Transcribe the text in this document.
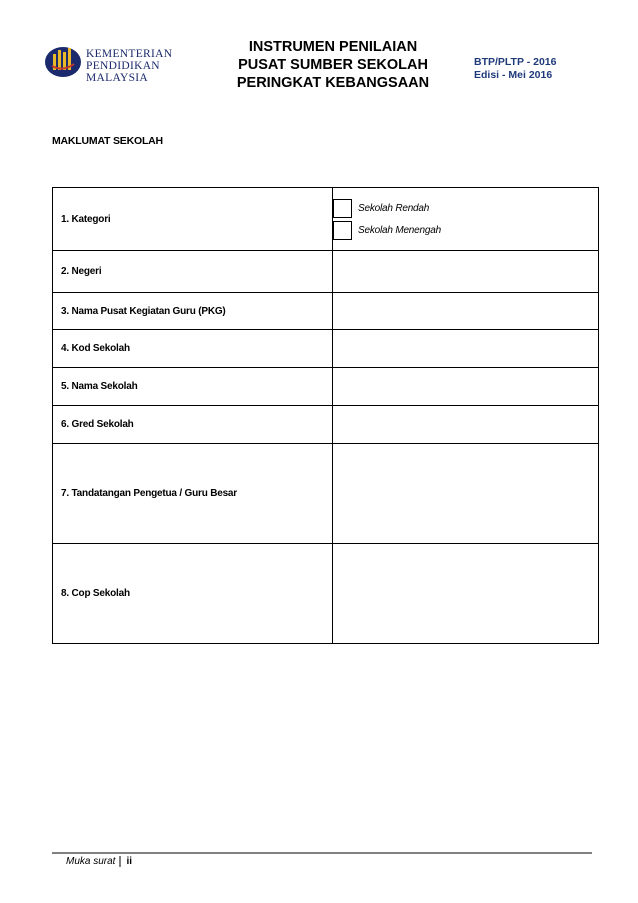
KEMENTERIAN
PENDIDIKAN
MALAYSIA
INSTRUMEN PENILAIAN
PUSAT SUMBER SEKOLAH
PERINGKAT KEBANGSAAN
BTP/PLTP - 2016
Edisi - Mei 2016
MAKLUMAT SEKOLAH
1. Kategori	Sekolah Rendah
Sekolah Menengah

2. Negeri	
3. Nama Pusat Kegiatan Guru (PKG)	
4. Kod Sekolah	
5. Nama Sekolah	
6. Gred Sekolah	
7. Tandatangan Pengetua / Guru Besar	
8. Cop Sekolah	
Muka surat	ii
